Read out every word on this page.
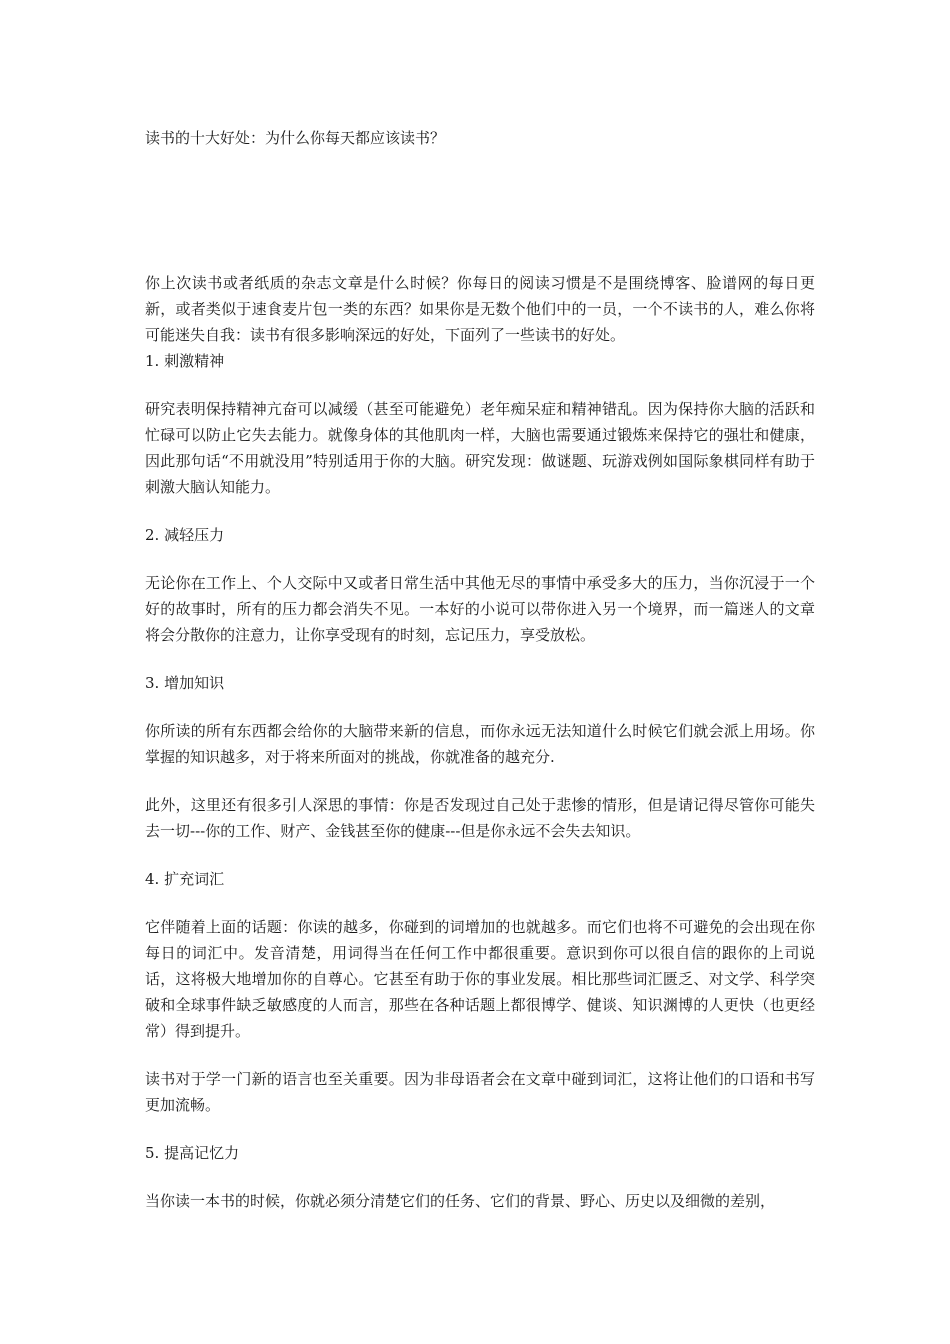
读书的十大好处：为什么你每天都应该读书？

你上次读书或者纸质的杂志文章是什么时候？你每日的阅读习惯是不是围绕博客、脸谱网的每日更新，或者类似于速食麦片包一类的东西？如果你是无数个他们中的一员，一个不读书的人，难么你将可能迷失自我：读书有很多影响深远的好处，下面列了一些读书的好处。

1. 刺激精神

研究表明保持精神亢奋可以减缓（甚至可能避免）老年痴呆症和精神错乱。因为保持你大脑的活跃和忙碌可以防止它失去能力。就像身体的其他肌肉一样，大脑也需要通过锻炼来保持它的强壮和健康，因此那句话“不用就没用”特别适用于你的大脑。研究发现：做谜题、玩游戏例如国际象棋同样有助于刺激大脑认知能力。

2. 减轻压力

无论你在工作上、个人交际中又或者日常生活中其他无尽的事情中承受多大的压力，当你沉浸于一个好的故事时，所有的压力都会消失不见。一本好的小说可以带你进入另一个境界，而一篇迷人的文章将会分散你的注意力，让你享受现有的时刻，忘记压力，享受放松。

3. 增加知识

你所读的所有东西都会给你的大脑带来新的信息，而你永远无法知道什么时候它们就会派上用场。你掌握的知识越多，对于将来所面对的挑战，你就准备的越充分.

此外，这里还有很多引人深思的事情：你是否发现过自己处于悲惨的情形，但是请记得尽管你可能失去一切---你的工作、财产、金钱甚至你的健康---但是你永远不会失去知识。

4. 扩充词汇

它伴随着上面的话题：你读的越多，你碰到的词增加的也就越多。而它们也将不可避免的会出现在你每日的词汇中。发音清楚，用词得当在任何工作中都很重要。意识到你可以很自信的跟你的上司说话，这将极大地增加你的自尊心。它甚至有助于你的事业发展。相比那些词汇匮乏、对文学、科学突破和全球事件缺乏敏感度的人而言，那些在各种话题上都很博学、健谈、知识渊博的人更快（也更经常）得到提升。

读书对于学一门新的语言也至关重要。因为非母语者会在文章中碰到词汇，这将让他们的口语和书写更加流畅。

5. 提高记忆力

当你读一本书的时候，你就必须分清楚它们的任务、它们的背景、野心、历史以及细微的差别，
